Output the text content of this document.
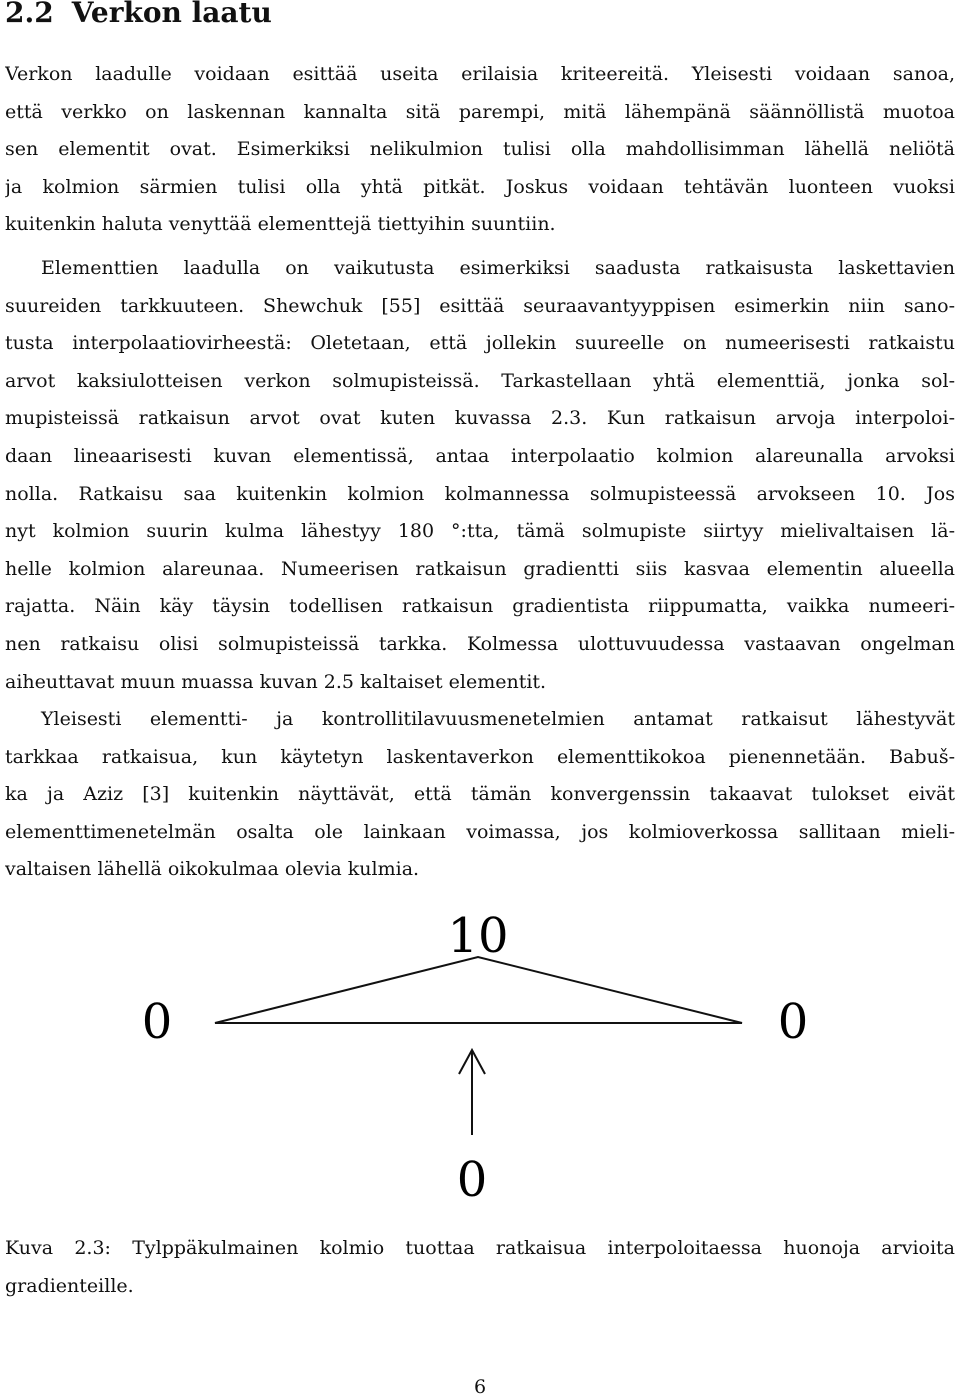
2.2 Verkon laatu
Verkon laadulle voidaan esittää useita erilaisia kriteereitä. Yleisesti voidaan sanoa,
että verkko on laskennan kannalta sitä parempi, mitä lähempänä säännöllistä muotoa
sen elementit ovat. Esimerkiksi nelikulmion tulisi olla mahdollisimman lähellä neliötä
ja kolmion särmien tulisi olla yhtä pitkät. Joskus voidaan tehtävän luonteen vuoksi
kuitenkin haluta venyttää elementtejä tiettyihin suuntiin.
Elementtien laadulla on vaikutusta esimerkiksi saadusta ratkaisusta laskettavien
suureiden tarkkuuteen. Shewchuk [55] esittää seuraavantyyppisen esimerkin niin sano-
tusta interpolaatiovirheestä: Oletetaan, että jollekin suureelle on numeerisesti ratkaistu
arvot kaksiulotteisen verkon solmupisteissä. Tarkastellaan yhtä elementtiä, jonka sol-
mupisteissä ratkaisun arvot ovat kuten kuvassa 2.3. Kun ratkaisun arvoja interpoloi-
daan lineaarisesti kuvan elementissä, antaa interpolaatio kolmion alareunalla arvoksi
nolla. Ratkaisu saa kuitenkin kolmion kolmannessa solmupisteessä arvokseen 10. Jos
nyt kolmion suurin kulma lähestyy 180 °:tta, tämä solmupiste siirtyy mielivaltaisen lä-
helle kolmion alareunaa. Numeerisen ratkaisun gradientti siis kasvaa elementin alueella
rajatta. Näin käy täysin todellisen ratkaisun gradientista riippumatta, vaikka numeeri-
nen ratkaisu olisi solmupisteissä tarkka. Kolmessa ulottuvuudessa vastaavan ongelman
aiheuttavat muun muassa kuvan 2.5 kaltaiset elementit.
Yleisesti elementti- ja kontrollitilavuusmenetelmien antamat ratkaisut lähestyvät
tarkkaa ratkaisua, kun käytetyn laskentaverkon elementtikokoa pienennetään. Babuš-
ka ja Aziz [3] kuitenkin näyttävät, että tämän konvergenssin takaavat tulokset eivät
elementtimenetelmän osalta ole lainkaan voimassa, jos kolmioverkossa sallitaan mieli-
valtaisen lähellä oikokulmaa olevia kulmia.
10
0	0
0
Kuva 2.3: Tylppäkulmainen kolmio tuottaa ratkaisua interpoloitaessa huonoja arvioita
gradienteille.
6
